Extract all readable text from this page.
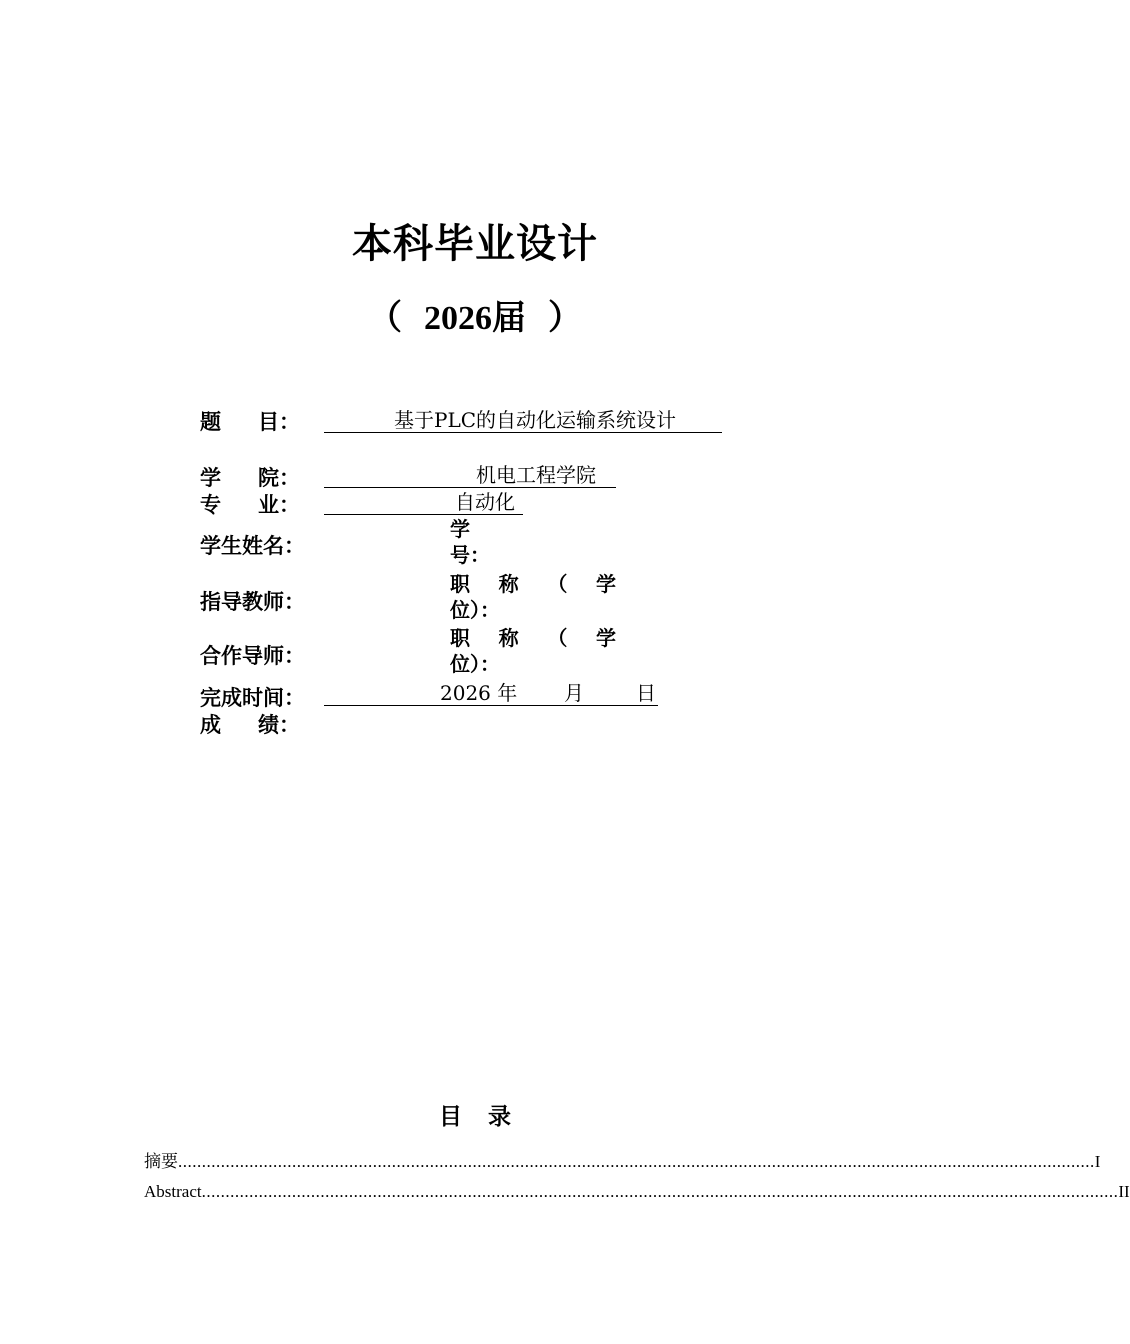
本科毕业设计
（ 2026届 ）
题 目：	基于PLC的自动化运输系统设计
学 院：	机电工程学院
专 业：	自动化
学生姓名：
学
号：
指导教师：
职 称 （ 学
位）：
合作导师：
职 称 （ 学
位）：
完成时间：	2026 年 月	日
成 绩：
目 录
摘要 ................................................................................................................................................................................................. I
Abstract ................................................................................................................................................................................................. II
